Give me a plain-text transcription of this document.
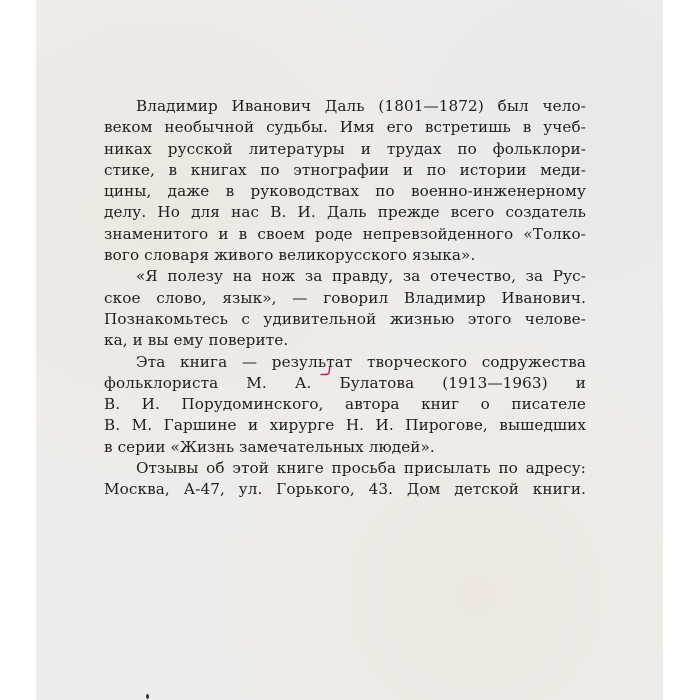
Владимир Иванович Даль (1801—1872) был чело-
веком необычной судьбы. Имя его встретишь в учеб-
никах русской литературы и трудах по фольклори-
стике, в книгах по этнографии и по истории меди-
цины, даже в руководствах по военно-инженерному
делу. Но для нас В. И. Даль прежде всего создатель
знаменитого и в своем роде непревзойденного «Толко-
вого словаря живого великорусского языка».
«Я полезу на нож за правду, за отечество, за Рус-
ское слово, язык», — говорил Владимир Иванович.
Познакомьтесь с удивительной жизнью этого челове-
ка, и вы ему поверите.
Эта книга — результат творческого содружества
фольклориста М. А. Булатова (1913—1963) и
В. И. Порудоминского, автора книг о писателе
В. М. Гаршине и хирурге Н. И. Пирогове, вышедших
в серии «Жизнь замечательных людей».
Отзывы об этой книге просьба присылать по адресу:
Москва, А-47, ул. Горького, 43. Дом детской книги.
